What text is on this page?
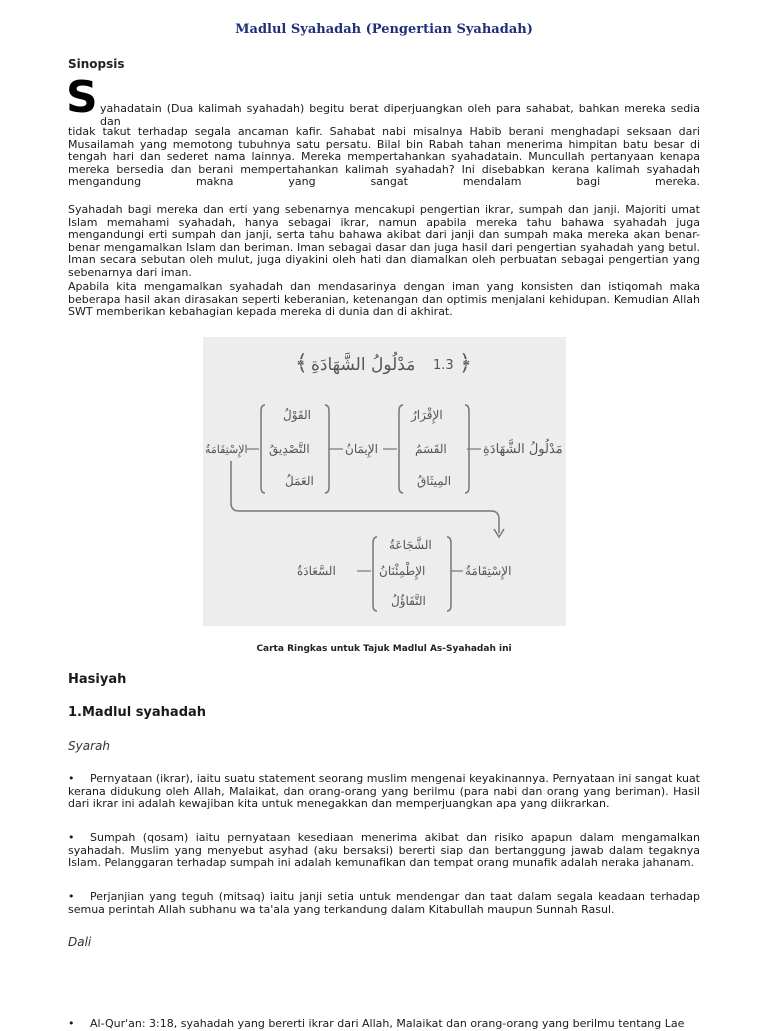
Madlul Syahadah (Pengertian Syahadah)
Sinopsis
S yahadatain (Dua kalimah syahadah) begitu berat diperjuangkan oleh para sahabat, bahkan mereka sedia dan

tidak takut terhadap segala ancaman kafir. Sahabat nabi misalnya Habib berani menghadapi seksaan dari Musailamah yang memotong tubuhnya satu persatu. Bilal bin Rabah tahan menerima himpitan batu besar di tengah hari dan sederet nama lainnya. Mereka mempertahankan syahadatain. Muncullah pertanyaan kenapa mereka bersedia dan berani mempertahankan kalimah syahadah? Ini disebabkan kerana kalimah syahadah mengandung makna yang sangat mendalam bagi mereka.

Syahadah bagi mereka dan erti yang sebenarnya mencakupi pengertian ikrar, sumpah dan janji. Majoriti umat Islam memahami syahadah, hanya sebagai ikrar, namun apabila mereka tahu bahawa syahadah juga mengandungi erti sumpah dan janji, serta tahu bahawa akibat dari janji dan sumpah maka mereka akan benar-benar mengamalkan Islam dan beriman. Iman sebagai dasar dan juga hasil dari pengertian syahadah yang betul. Iman secara sebutan oleh mulut, juga diyakini oleh hati dan diamalkan oleh perbuatan sebagai pengertian yang sebenarnya dari iman.

Apabila kita mengamalkan syahadah dan mendasarinya dengan iman yang konsisten dan istiqomah maka beberapa hasil akan dirasakan seperti keberanian, ketenangan dan optimis menjalani kehidupan. Kemudian Allah SWT memberikan kebahagian kepada mereka di dunia dan di akhirat.

﴾ مَدْلُولُ الشَّهَادَةِ 1.3 ﴿
مَدْلُولُ الشَّهَادَةِ
الإِقْرَارُ
القَسَمُ
المِيثَاقُ
الإِيمَانُ
القَوْلُ
التَّصْدِيقُ
العَمَلُ
الإِسْتِقَامَةُ
الإِسْتِقَامَةُ
الشَّجَاعَةُ
الإِطْمِئْنَانُ
التَّفَاؤُلُ
السَّعَادَةُ
Carta Ringkas untuk Tajuk Madlul As-Syahadah ini
Hasiyah
1.Madlul syahadah
Syarah

• Pernyataan (ikrar), iaitu suatu statement seorang muslim mengenai keyakinannya. Pernyataan ini sangat kuat kerana didukung oleh Allah, Malaikat, dan orang-orang yang berilmu (para nabi dan orang yang beriman). Hasil dari ikrar ini adalah kewajiban kita untuk menegakkan dan memperjuangkan apa yang diikrarkan.

• Sumpah (qosam) iaitu pernyataan kesediaan menerima akibat dan risiko apapun dalam mengamalkan syahadah. Muslim yang menyebut asyhad (aku bersaksi) bererti siap dan bertanggung jawab dalam tegaknya Islam. Pelanggaran terhadap sumpah ini adalah kemunafikan dan tempat orang munafik adalah neraka jahanam.

• Perjanjian yang teguh (mitsaq) iaitu janji setia untuk mendengar dan taat dalam segala keadaan terhadap semua perintah Allah subhanu wa ta'ala yang terkandung dalam Kitabullah maupun Sunnah Rasul.

Dali

• Al-Qur'an: 3:18, syahadah yang bererti ikrar dari Allah, Malaikat dan orang-orang yang berilmu tentang Lae
